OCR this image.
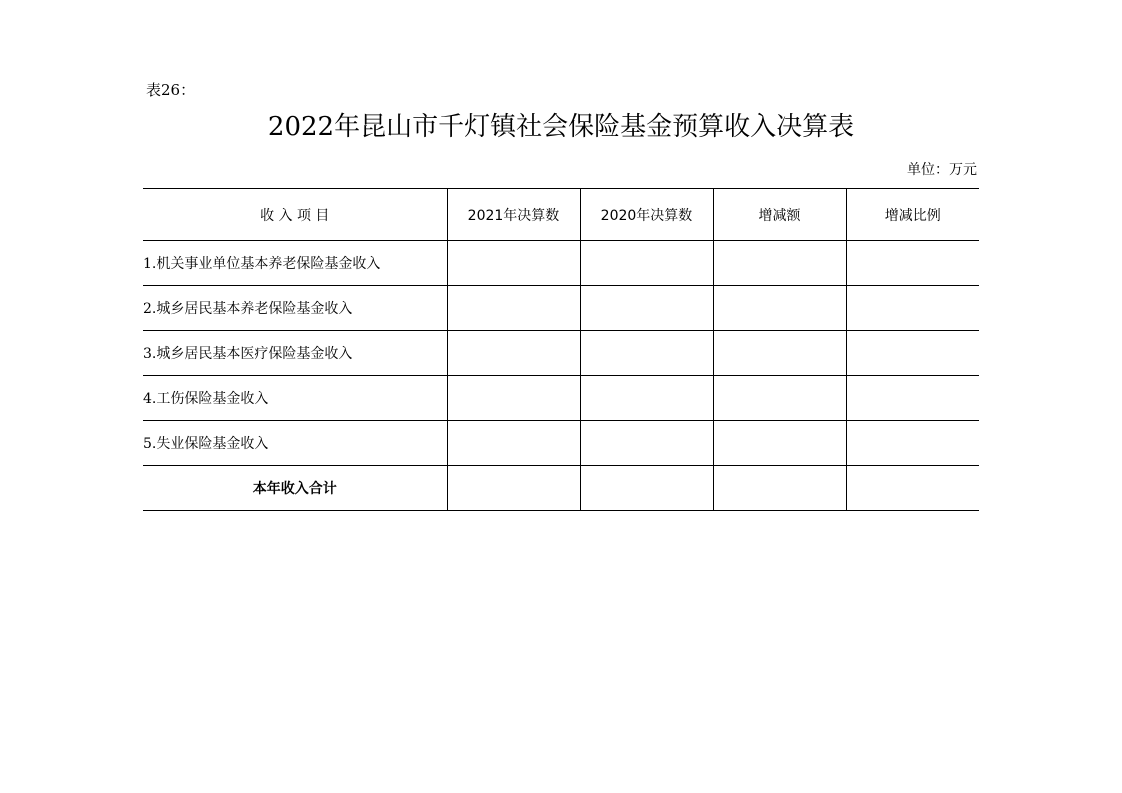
表26：
2022年昆山市千灯镇社会保险基金预算收入决算表
单位：万元
收 入 项 目	2021年决算数	2020年决算数	增减额	增减比例
1.机关事业单位基本养老保险基金收入				
2.城乡居民基本养老保险基金收入				
3.城乡居民基本医疗保险基金收入				
4.工伤保险基金收入				
5.失业保险基金收入				
本年收入合计				
